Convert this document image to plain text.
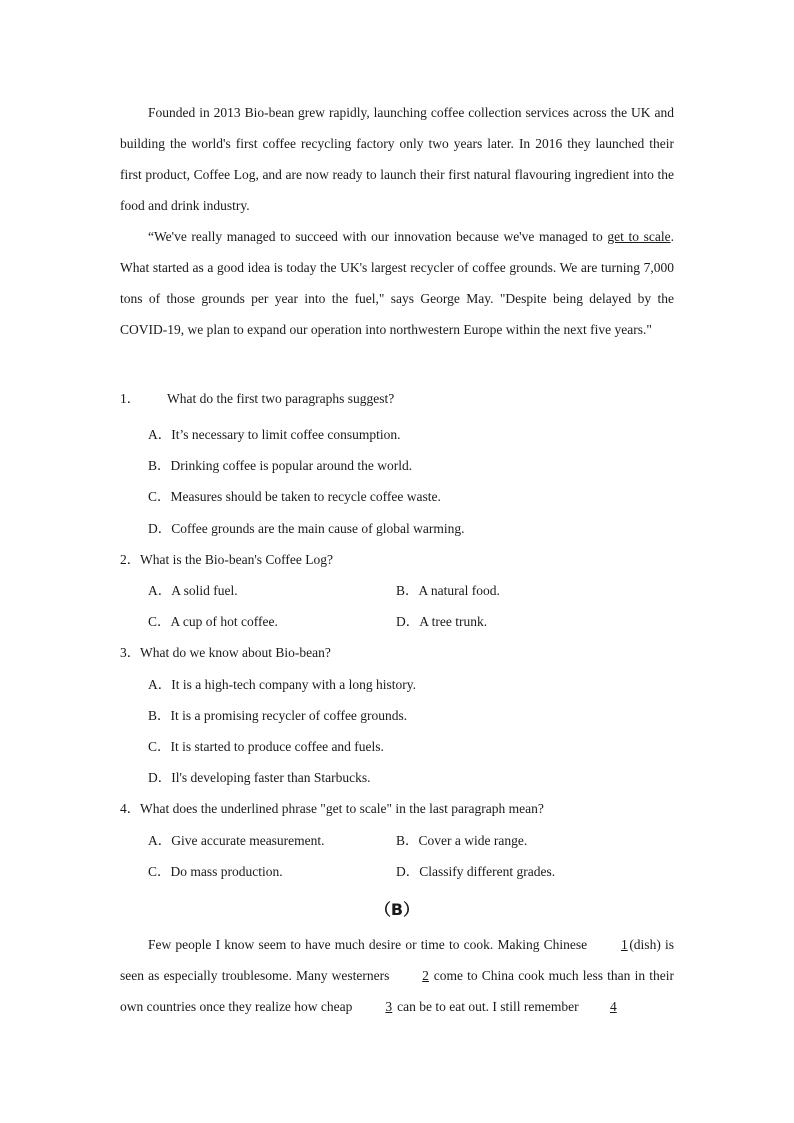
Founded in 2013 Bio-bean grew rapidly, launching coffee collection services across the UK and building the world's first coffee recycling factory only two years later. In 2016 they launched their first product, Coffee Log, and are now ready to launch their first natural flavouring ingredient into the food and drink industry.

“We've really managed to succeed with our innovation because we've managed to get to scale. What started as a good idea is today the UK's largest recycler of coffee grounds. We are turning 7,000 tons of those grounds per year into the fuel," says George May. "Despite being delayed by the COVID-19, we plan to expand our operation into northwestern Europe within the next five years."

1． What do the first two paragraphs suggest?

A．It’s necessary to limit coffee consumption.

B．Drinking coffee is popular around the world.

C．Measures should be taken to recycle coffee waste.

D．Coffee grounds are the main cause of global warming.

2．What is the Bio-bean's Coffee Log?

A．A solid fuel.	B．A natural food.

C．A cup of hot coffee.	D．A tree trunk.

3．What do we know about Bio-bean?

A．It is a high-tech company with a long history.

B．It is a promising recycler of coffee grounds.

C．It is started to produce coffee and fuels.

D．Il's developing faster than Starbucks.

4．What does the underlined phrase "get to scale" in the last paragraph mean?

A．Give accurate measurement.	B．Cover a wide range.

C．Do mass production.	D．Classify different grades.

（B）

Few people I know seem to have much desire or time to cook. Making Chinese 1 (dish) is seen as especially troublesome. Many westerners 2 come to China cook much less than in their own countries once they realize how cheap 3 can be to eat out. I still remember 4
